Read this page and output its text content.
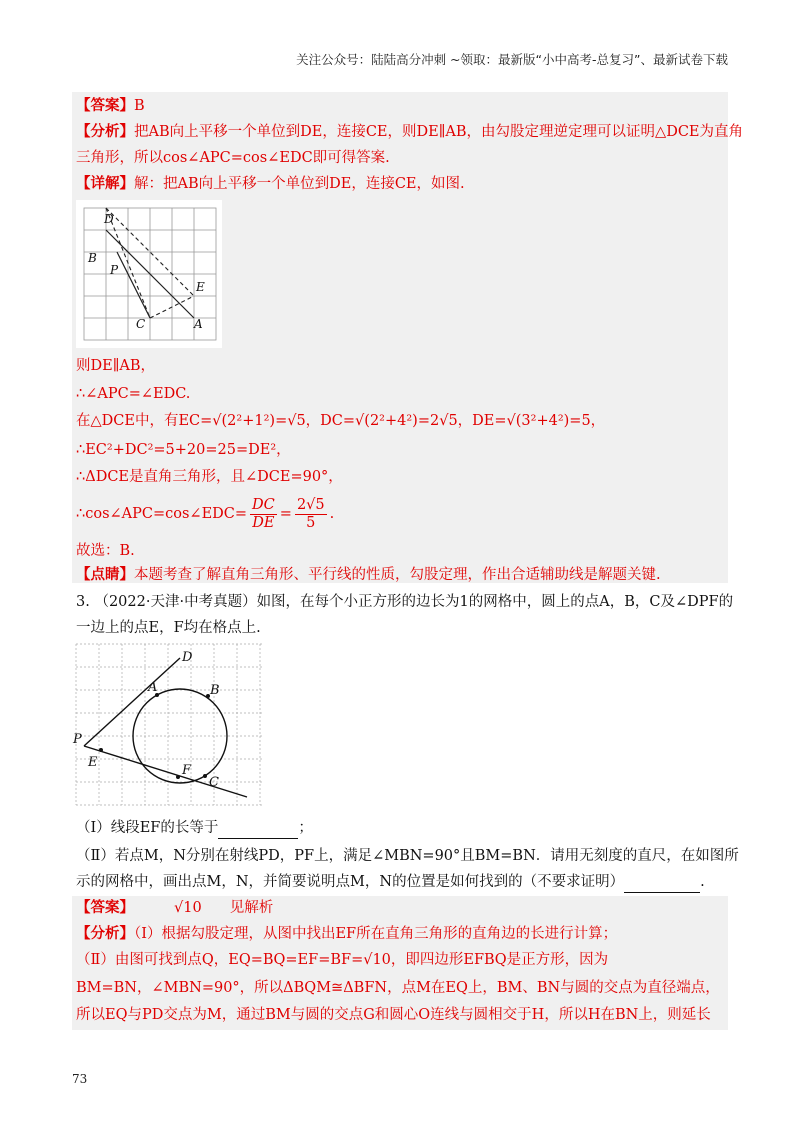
关注公众号：陆陆高分冲刺 ~领取：最新版“小中高考-总复习”、最新试卷下载
【答案】B
【分析】把AB向上平移一个单位到DE，连接CE，则DE∥AB，由勾股定理逆定理可以证明△DCE为直角
三角形，所以cos∠APC=cos∠EDC即可得答案.
【详解】解：把AB向上平移一个单位到DE，连接CE，如图.
D
B
P
E
C	A
则DE∥AB，
∴∠APC=∠EDC.
在△DCE中，有EC=√(2²+1²)=√5，DC=√(2²+4²)=2√5，DE=√(3²+4²)=5，
∴EC²+DC²=5+20=25=DE²，
∴ΔDCE是直角三角形，且∠DCE=90°，
∴cos∠APC=cos∠EDC= $\frac{DC}{DE} = \frac{2√5}{5}$ .
故选：B.
【点睛】本题考查了解直角三角形、平行线的性质，勾股定理，作出合适辅助线是解题关键.
3. （2022·天津·中考真题）如图，在每个小正方形的边长为1的网格中，圆上的点A，B，C及∠DPF的
一边上的点E，F均在格点上.
D
A	B
P
E
F
C
（Ⅰ）线段EF的长等于	；
（Ⅱ）若点M，N分别在射线PD，PF上，满足∠MBN=90°且BM=BN．请用无刻度的直尺，在如图所
示的网格中，画出点M，N，并简要说明点M，N的位置是如何找到的（不要求证明）	.
【答案】	√10 见解析
【分析】（Ⅰ）根据勾股定理，从图中找出EF所在直角三角形的直角边的长进行计算；
（Ⅱ）由图可找到点Q，EQ=BQ=EF=BF=√10，即四边形EFBQ是正方形，因为
BM=BN，∠MBN=90°，所以ΔBQM≅ΔBFN，点M在EQ上，BM、BN与圆的交点为直径端点，
所以EQ与PD交点为M，通过BM与圆的交点G和圆心O连线与圆相交于H，所以H在BN上，则延长
73
